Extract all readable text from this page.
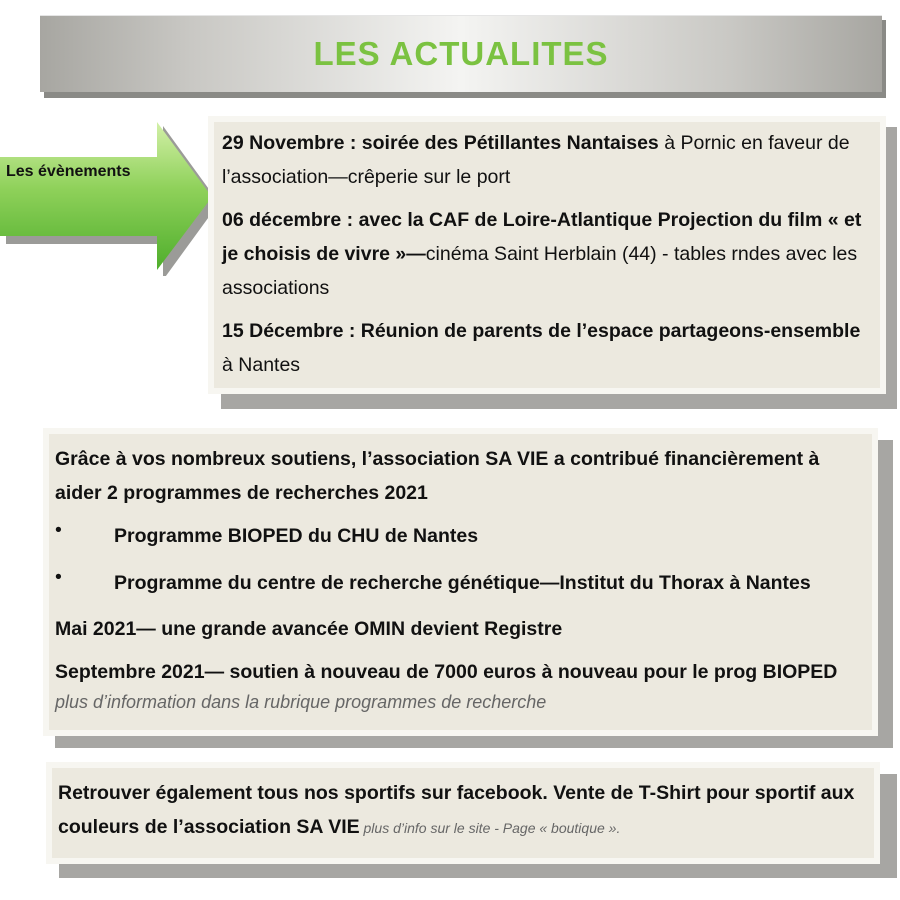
LES ACTUALITES
Les évènements

29 Novembre : soirée des Pétillantes Nantaises à Pornic en faveur de l’association—crêperie sur le port

06 décembre : avec la CAF de Loire-Atlantique Projection du film « et je choisis de vivre »—cinéma Saint Herblain (44) - tables rndes avec les associations

15 Décembre : Réunion de parents de l’espace partageons-ensemble à Nantes

Grâce à vos nombreux soutiens, l’association SA VIE a contribué financièrement à aider 2 programmes de recherches 2021

•	Programme BIOPED du CHU de Nantes

•	Programme du centre de recherche génétique—Institut du Thorax à Nantes

Mai 2021— une grande avancée OMIN devient Registre

Septembre 2021— soutien à nouveau de 7000 euros à nouveau pour le prog BIOPED

plus d’information dans la rubrique programmes de recherche

Retrouver également tous nos sportifs sur facebook. Vente de T-Shirt pour sportif aux couleurs de l’association SA VIE plus d’info sur le site - Page « boutique ».
